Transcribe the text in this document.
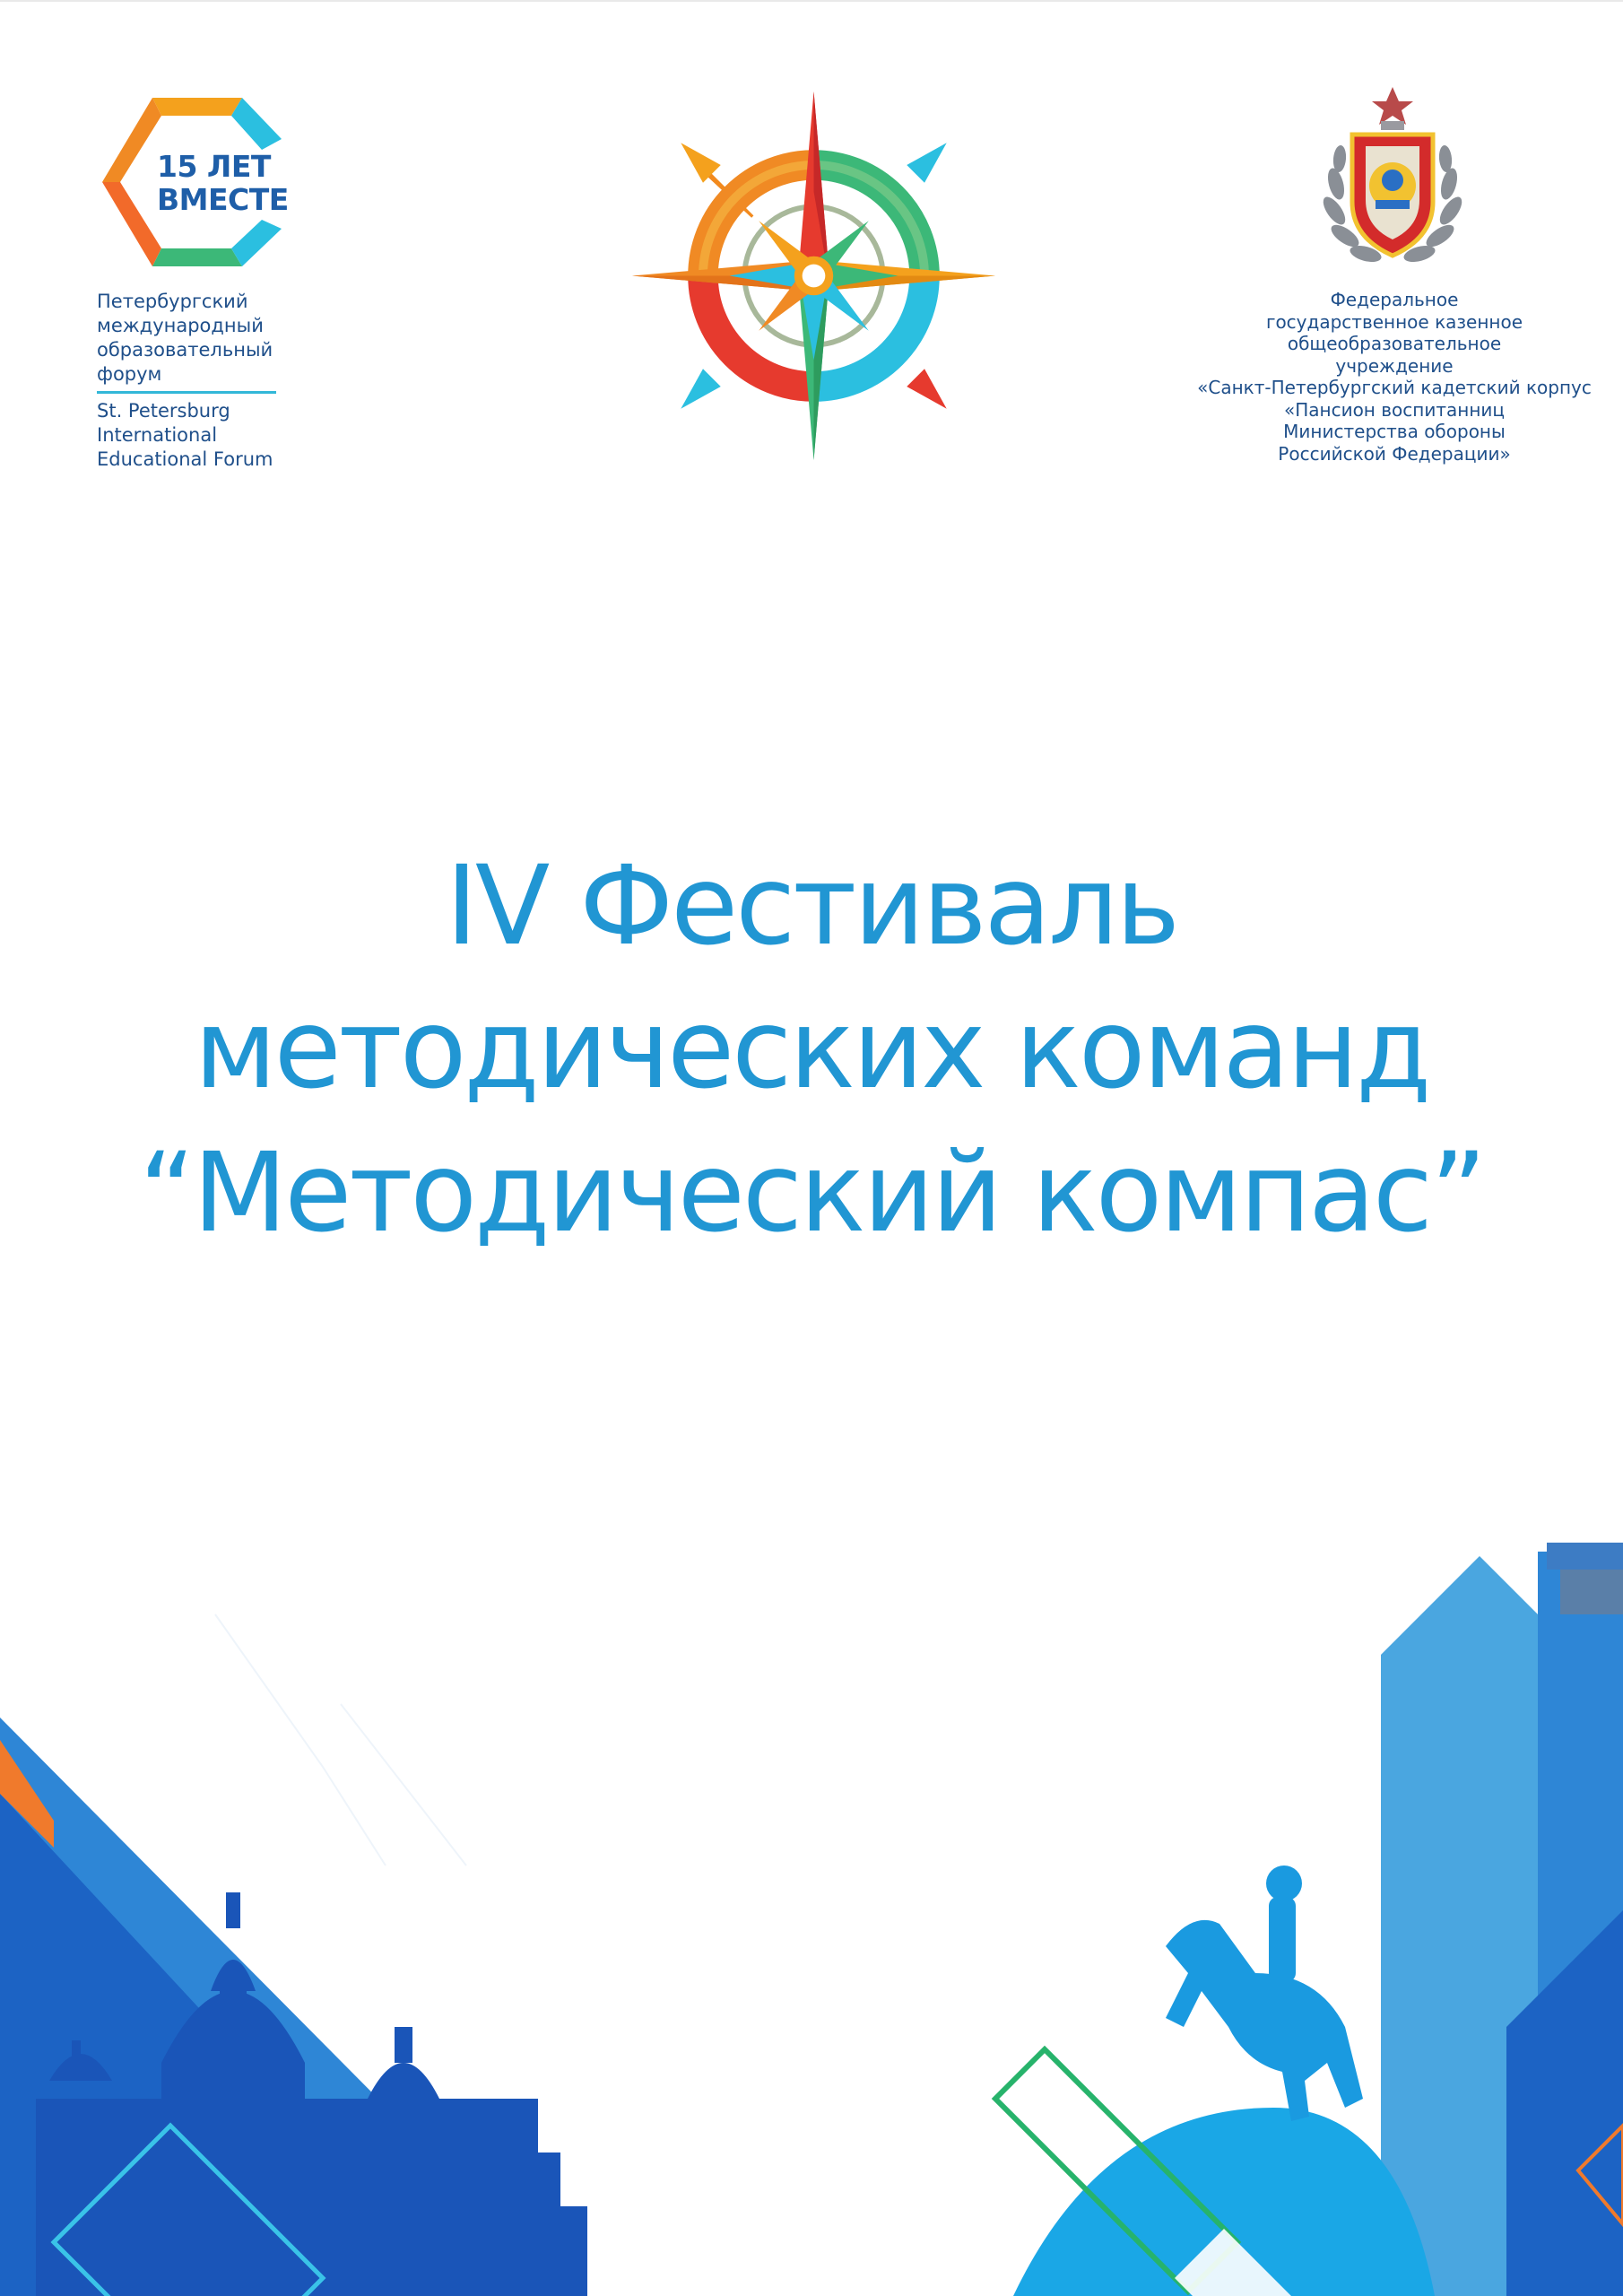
15 ЛЕТ
ВМЕСТЕ
Петербургский
международный
образовательный
форум
St. Petersburg
International
Educational Forum
Федеральное
государственное казенное
общеобразовательное
учреждение
«Санкт-Петербургский кадетский корпус
«Пансион воспитанниц
Министерства обороны
Российской Федерации»
IV Фестиваль
методических команд
“Методический компас”
